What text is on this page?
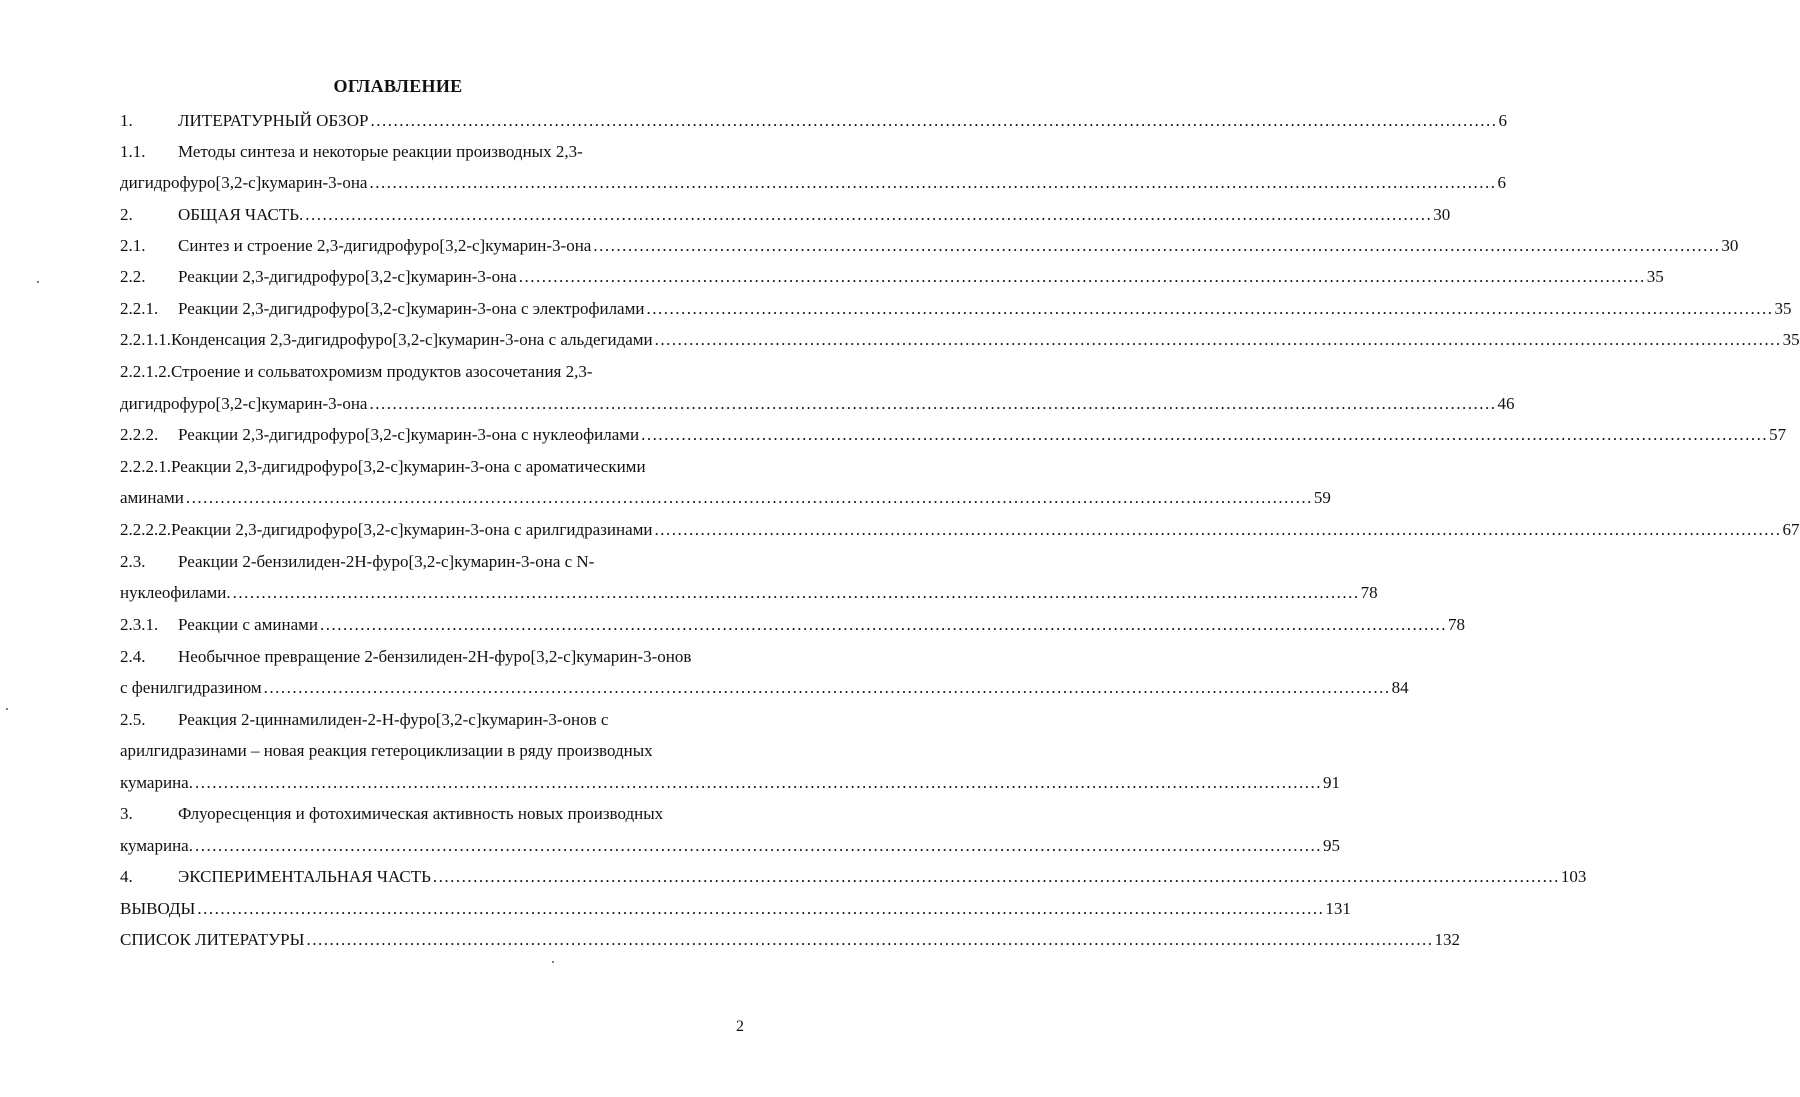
ОГЛАВЛЕНИЕ
1.	ЛИТЕРАТУРНЫЙ ОБЗОР .....	6
1.1.	Методы синтеза и некоторые реакции производных 2,3-
дигидрофуро[3,2-с]кумарин-3-она .....	6
2.	ОБЩАЯ ЧАСТЬ. .....	30
2.1.	Синтез и строение 2,3-дигидрофуро[3,2-с]кумарин-3-она .....	30
2.2.	Реакции 2,3-дигидрофуро[3,2-с]кумарин-3-она .....	35
2.2.1.	Реакции 2,3-дигидрофуро[3,2-с]кумарин-3-она с электрофилами .....	35
2.2.1.1. Конденсация 2,3-дигидрофуро[3,2-с]кумарин-3-она с альдегидами .....	35
2.2.1.2. Строение и сольватохромизм продуктов азосочетания 2,3-
дигидрофуро[3,2-с]кумарин-3-она .....	46
2.2.2.	Реакции 2,3-дигидрофуро[3,2-с]кумарин-3-она с нуклеофилами .....	57
2.2.2.1. Реакции 2,3-дигидрофуро[3,2-с]кумарин-3-она с ароматическими
аминами .....	59
2.2.2.2. Реакции 2,3-дигидрофуро[3,2-с]кумарин-3-она с арилгидразинами .....	67
2.3.	Реакции 2-бензилиден-2Н-фуро[3,2-с]кумарин-3-она с N-
нуклеофилами. .....	78
2.3.1.	Реакции с аминами .....	78
2.4.	Необычное превращение 2-бензилиден-2Н-фуро[3,2-с]кумарин-3-онов
с фенилгидразином .....	84
2.5.	Реакция 2-циннамилиден-2-Н-фуро[3,2-с]кумарин-3-онов с
арилгидразинами – новая реакция гетероциклизации в ряду производных
кумарина. .....	91
3.	Флуоресценция и фотохимическая активность новых производных
кумарина. .....	95
4.	ЭКСПЕРИМЕНТАЛЬНАЯ ЧАСТЬ .....	103
ВЫВОДЫ .....	131
СПИСОК ЛИТЕРАТУРЫ .....	132
2
